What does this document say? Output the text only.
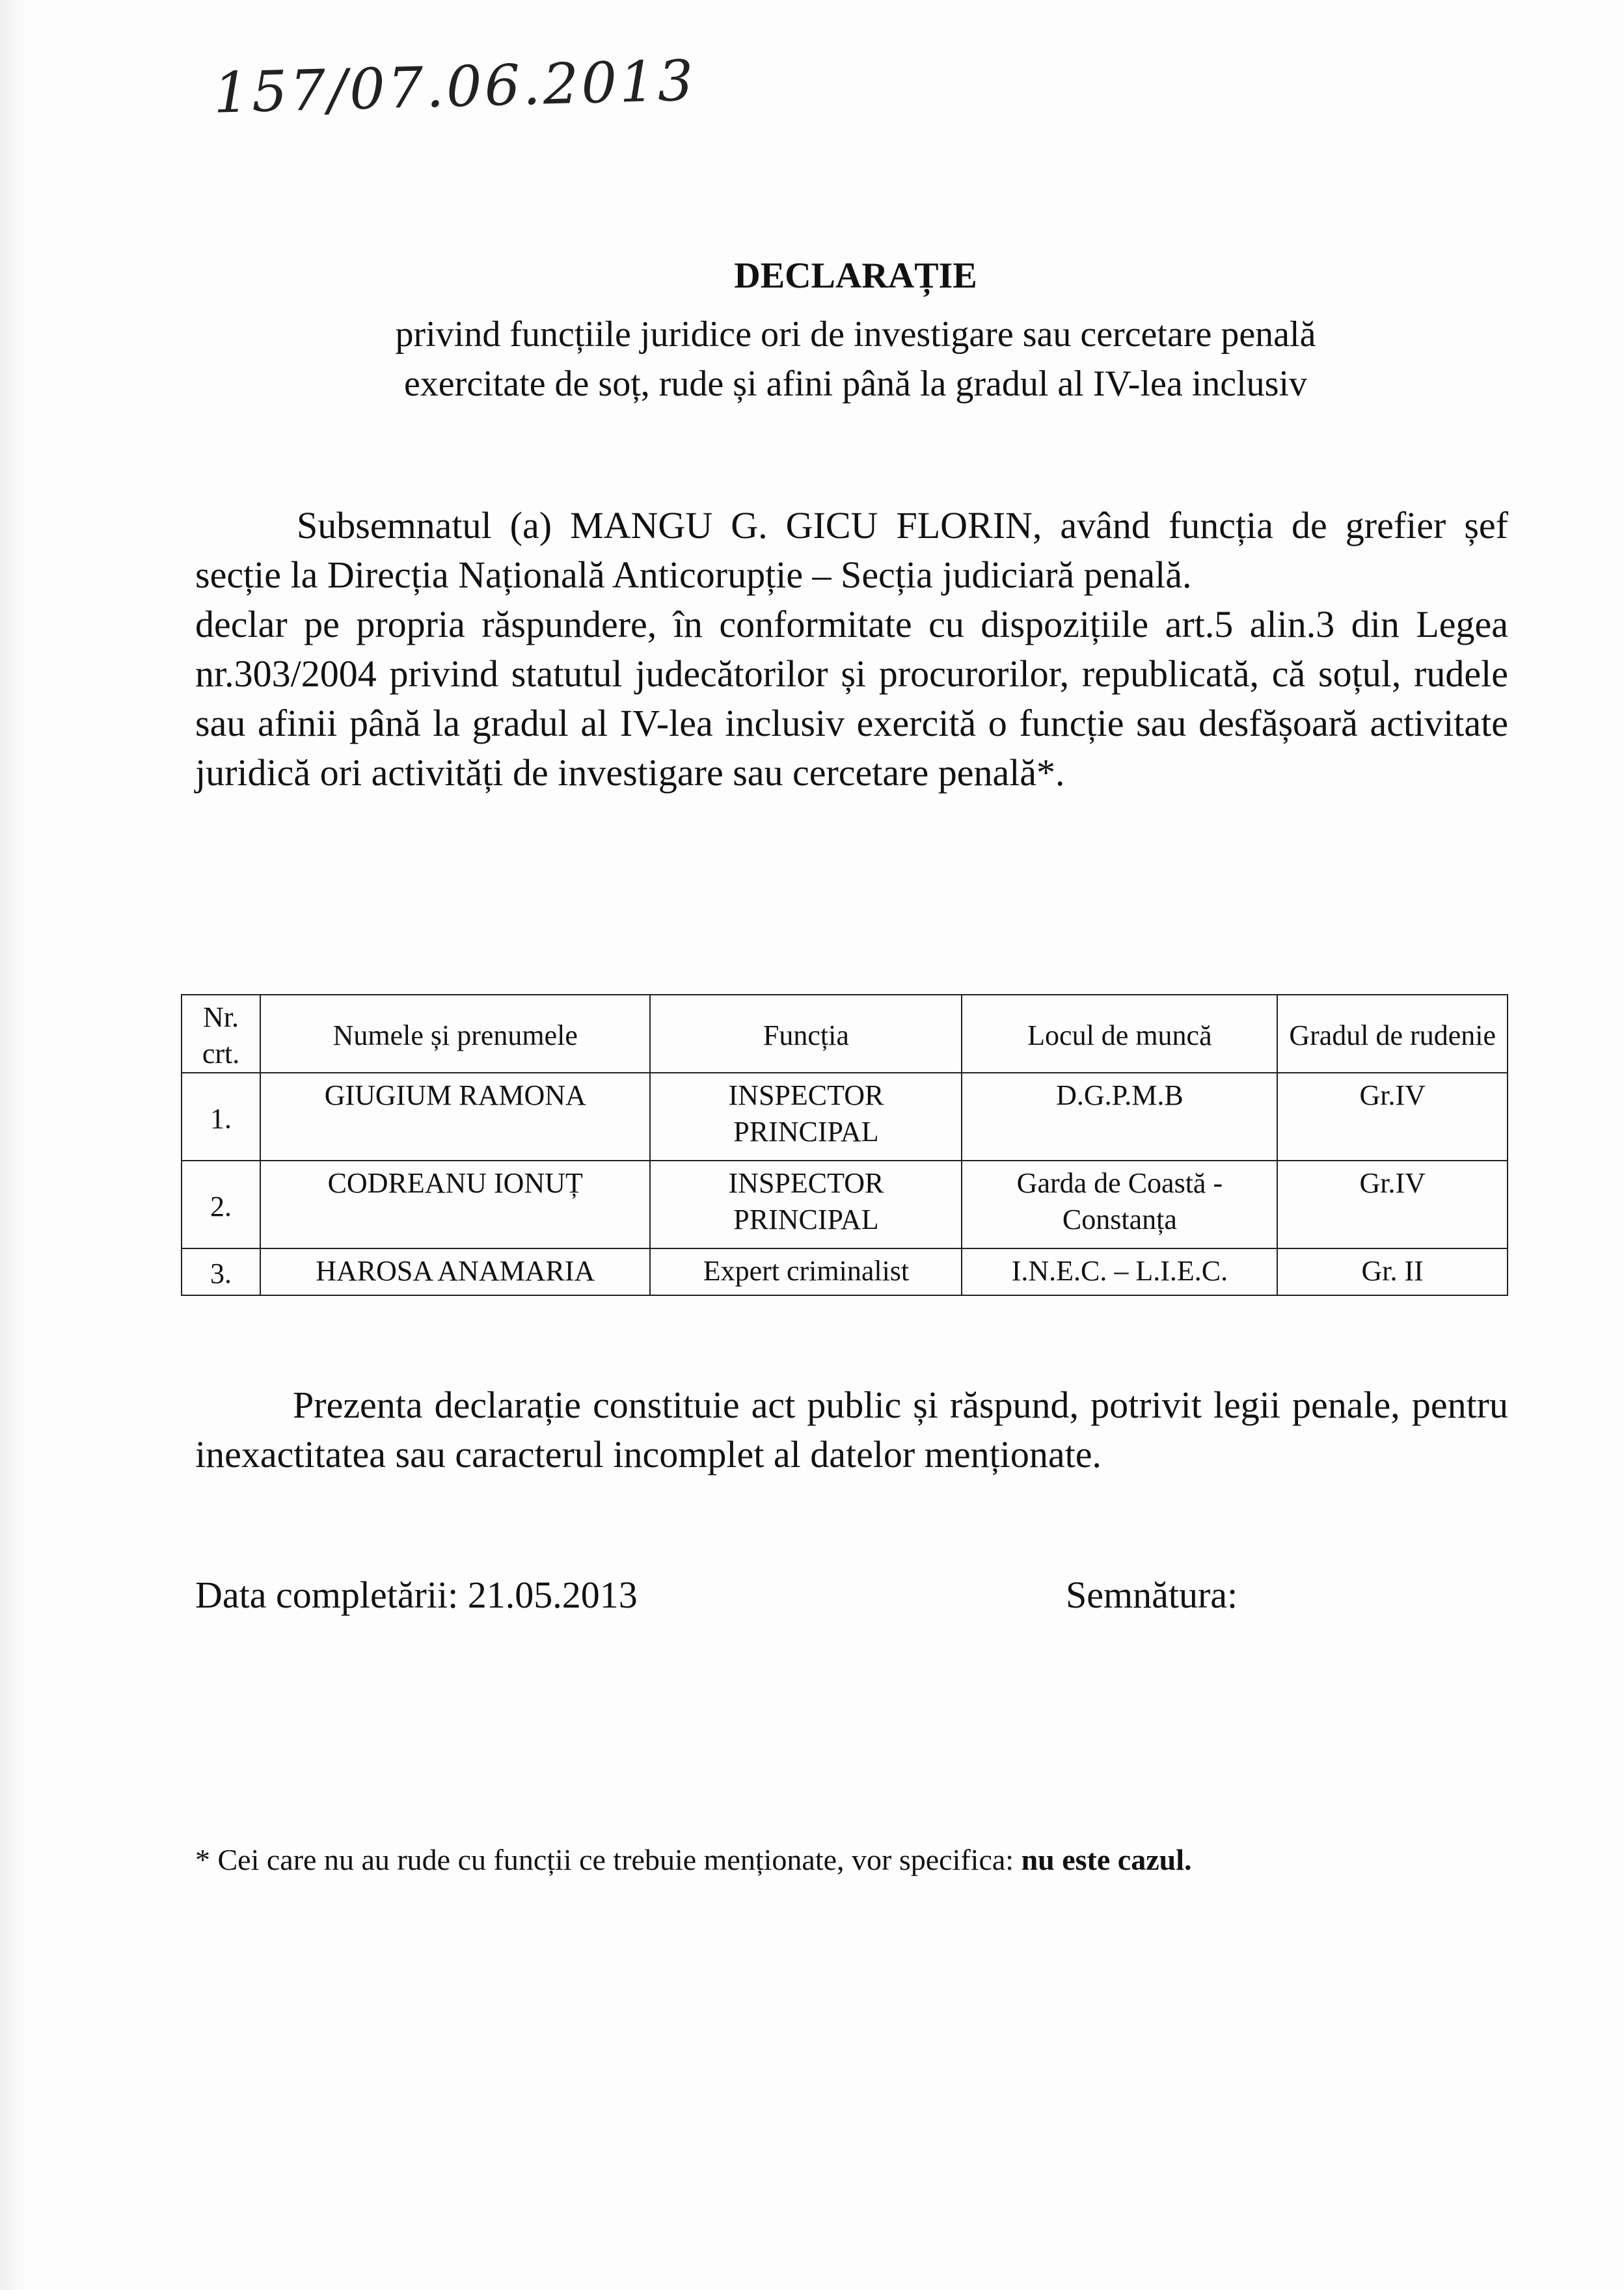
157/07.06.2013
DECLARAȚIE
privind funcțiile juridice ori de investigare sau cercetare penală
exercitate de soț, rude și afini până la gradul al IV-lea inclusiv

Subsemnatul (a) MANGU G. GICU FLORIN, având funcția de grefier șef secție la Direcția Națională Anticorupție – Secția judiciară penală.

declar pe propria răspundere, în conformitate cu dispozițiile art.5 alin.3 din Legea nr.303/2004 privind statutul judecătorilor și procurorilor, republicată, că soțul, rudele sau afinii până la gradul al IV-lea inclusiv exercită o funcție sau desfășoară activitate juridică ori activități de investigare sau cercetare penală*.

Nr. crt.	Numele și prenumele	Funcția	Locul de muncă	Gradul de rudenie
1.	GIUGIUM RAMONA	INSPECTOR PRINCIPAL	D.G.P.M.B	Gr.IV
2.	CODREANU IONUȚ	INSPECTOR PRINCIPAL	Garda de Coastă - Constanța	Gr.IV
3.	HAROSA ANAMARIA	Expert criminalist	I.N.E.C. – L.I.E.C.	Gr. II

Prezenta declarație constituie act public și răspund, potrivit legii penale, pentru inexactitatea sau caracterul incomplet al datelor menționate.

Data completării: 21.05.2013	Semnătura:
* Cei care nu au rude cu funcții ce trebuie menționate, vor specifica: nu este cazul.
